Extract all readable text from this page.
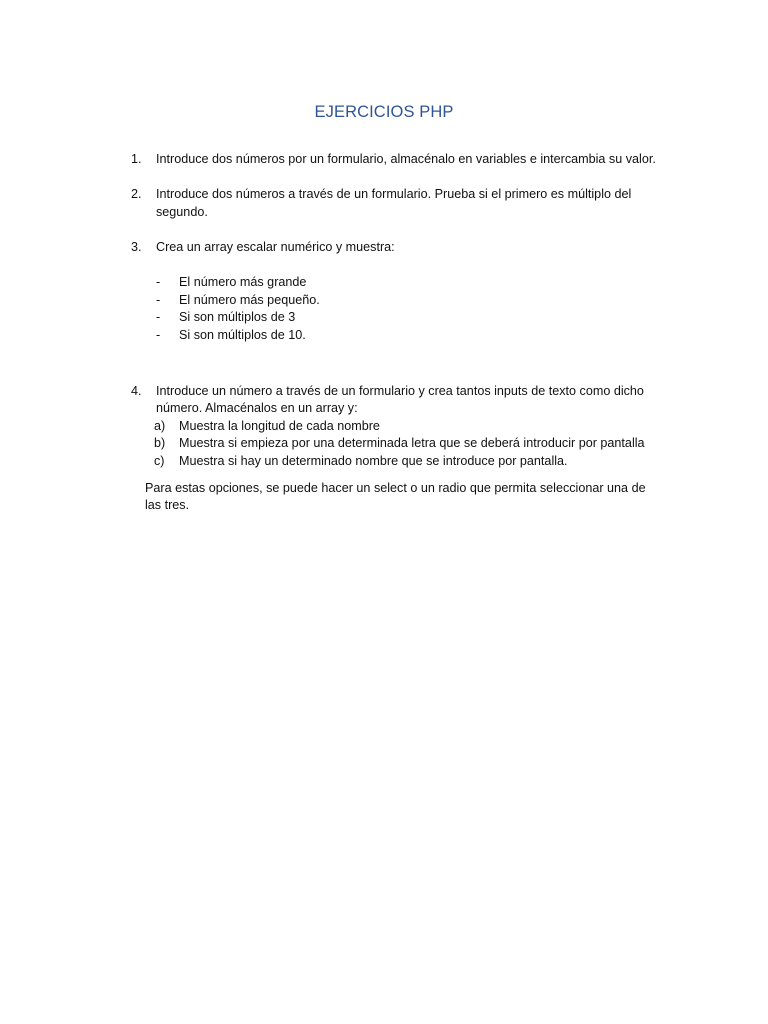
EJERCICIOS PHP
1. Introduce dos números por un formulario, almacénalo en variables e intercambia su valor.
2. Introduce dos números a través de un formulario. Prueba si el primero es múltiplo del segundo.
3. Crea un array escalar numérico y muestra:
- El número más grande
- El número más pequeño.
- Si son múltiplos de 3
- Si son múltiplos de 10.
4. Introduce un número a través de un formulario y crea tantos inputs de texto como dicho número. Almacénalos en un array y:
a) Muestra la longitud de cada nombre
b) Muestra si empieza por una determinada letra que se deberá introducir por pantalla
c) Muestra si hay un determinado nombre que se introduce por pantalla.
Para estas opciones, se puede hacer un select o un radio que permita seleccionar una de las tres.
